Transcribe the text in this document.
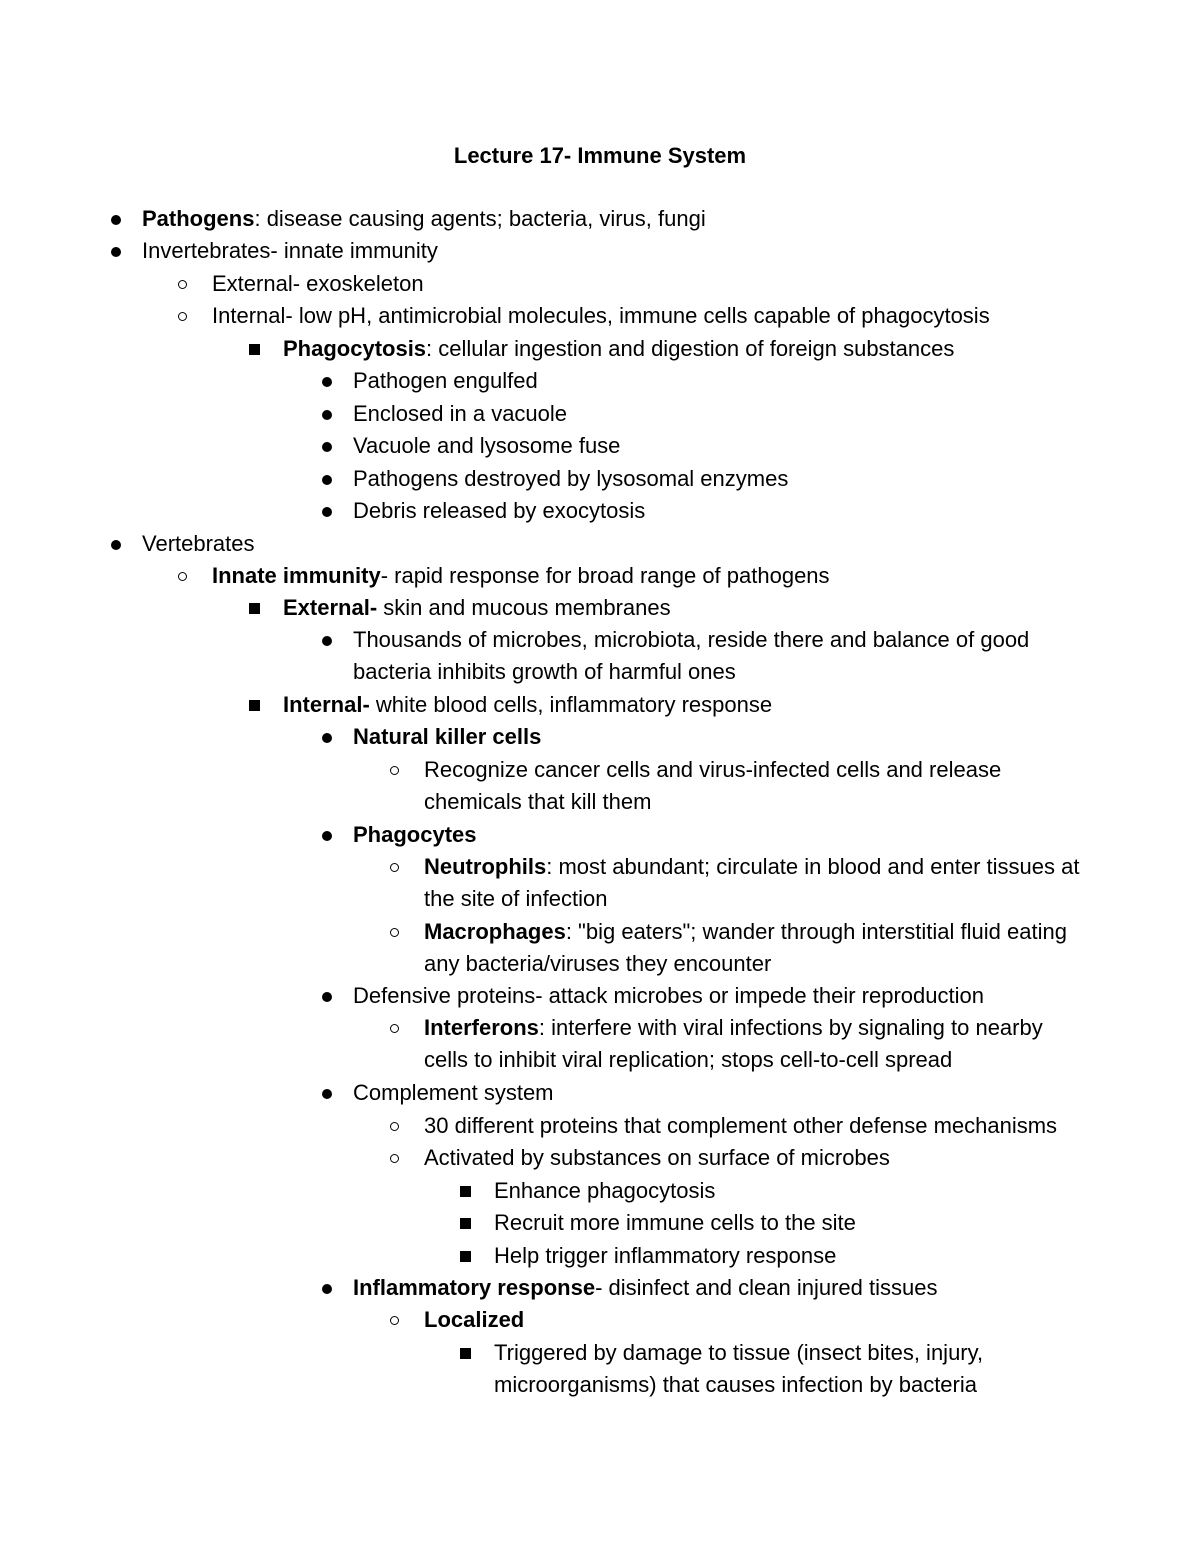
Lecture 17- Immune System
Pathogens: disease causing agents; bacteria, virus, fungi
Invertebrates- innate immunity
External- exoskeleton
Internal- low pH, antimicrobial molecules, immune cells capable of phagocytosis
Phagocytosis: cellular ingestion and digestion of foreign substances
Pathogen engulfed
Enclosed in a vacuole
Vacuole and lysosome fuse
Pathogens destroyed by lysosomal enzymes
Debris released by exocytosis
Vertebrates
Innate immunity- rapid response for broad range of pathogens
External- skin and mucous membranes
Thousands of microbes, microbiota, reside there and balance of good
bacteria inhibits growth of harmful ones
Internal- white blood cells, inflammatory response
Natural killer cells
Recognize cancer cells and virus-infected cells and release
chemicals that kill them
Phagocytes
Neutrophils: most abundant; circulate in blood and enter tissues at
the site of infection
Macrophages: "big eaters"; wander through interstitial fluid eating
any bacteria/viruses they encounter
Defensive proteins- attack microbes or impede their reproduction
Interferons: interfere with viral infections by signaling to nearby
cells to inhibit viral replication; stops cell-to-cell spread
Complement system
30 different proteins that complement other defense mechanisms
Activated by substances on surface of microbes
Enhance phagocytosis
Recruit more immune cells to the site
Help trigger inflammatory response
Inflammatory response- disinfect and clean injured tissues
Localized
Triggered by damage to tissue (insect bites, injury,
microorganisms) that causes infection by bacteria
